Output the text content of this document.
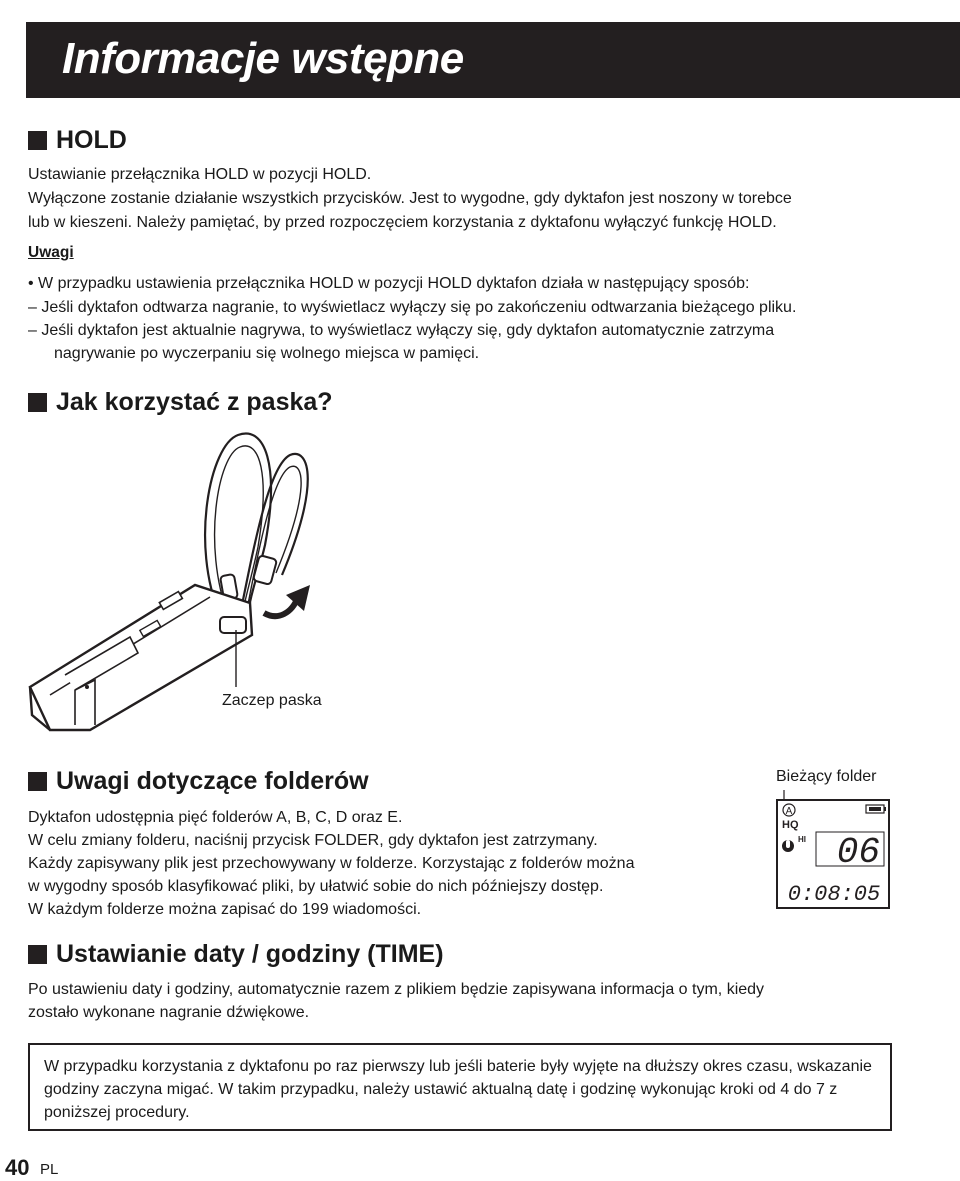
Informacje wstępne
HOLD

Ustawianie przełącznika HOLD w pozycji HOLD.
Wyłączone zostanie działanie wszystkich przycisków. Jest to wygodne, gdy dyktafon jest noszony w torebce
lub w kieszeni. Należy pamiętać, by przed rozpoczęciem korzystania z dyktafonu wyłączyć funkcję HOLD.

Uwagi
• W przypadku ustawienia przełącznika HOLD w pozycji HOLD dyktafon działa w następujący sposób:
– Jeśli dyktafon odtwarza nagranie, to wyświetlacz wyłączy się po zakończeniu odtwarzania bieżącego pliku.
– Jeśli dyktafon jest aktualnie nagrywa, to wyświetlacz wyłączy się, gdy dyktafon automatycznie zatrzyma
nagrywanie po wyczerpaniu się wolnego miejsca w pamięci.
Jak korzystać z paska?
Zaczep paska
Uwagi dotyczące folderów

Dyktafon udostępnia pięć folderów A, B, C, D oraz E.
W celu zmiany folderu, naciśnij przycisk FOLDER, gdy dyktafon jest zatrzymany.
Każdy zapisywany plik jest przechowywany w folderze. Korzystając z folderów można
w wygodny sposób klasyfikować pliki, by ułatwić sobie do nich późniejszy dostęp.
W każdym folderze można zapisać do 199 wiadomości.

Bieżący folder
A
HQ
HI 06
0:08:05
Ustawianie daty / godziny (TIME)

Po ustawieniu daty i godziny, automatycznie razem z plikiem będzie zapisywana informacja o tym, kiedy
zostało wykonane nagranie dźwiękowe.

W przypadku korzystania z dyktafonu po raz pierwszy lub jeśli baterie były wyjęte na dłuższy okres czasu, wskazanie godziny zaczyna migać. W takim przypadku, należy ustawić aktualną datę i godzinę wykonując kroki od 4 do 7 z poniższej procedury.

40 PL
